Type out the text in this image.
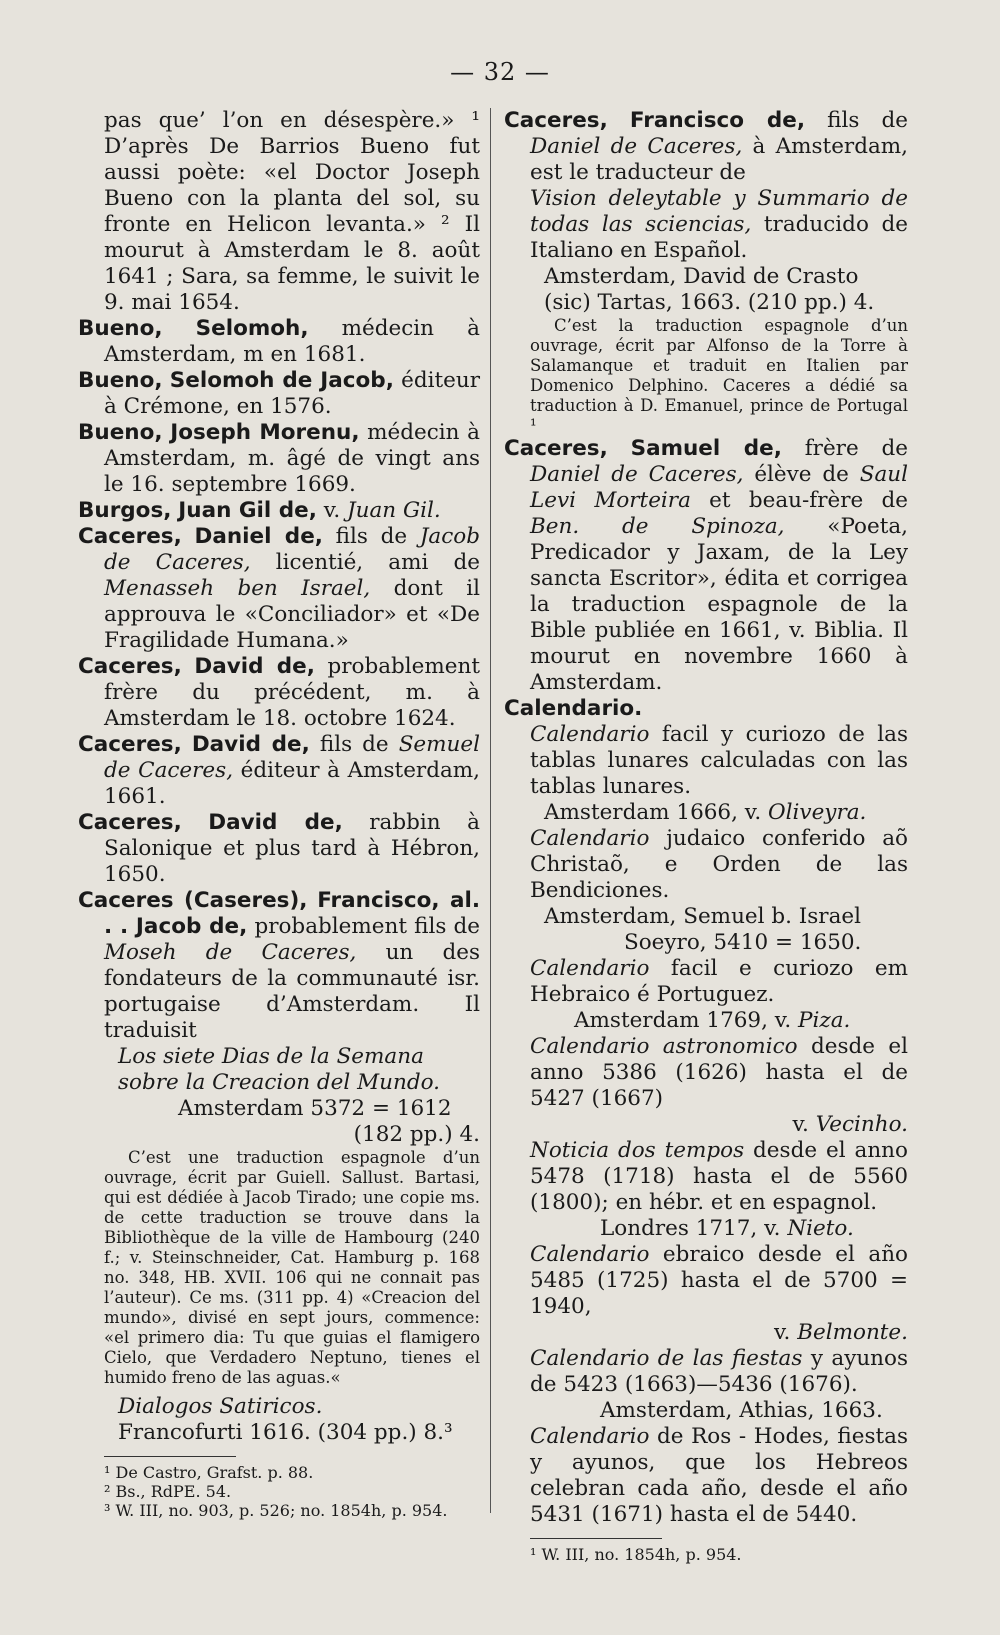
— 32 —

pas que’ l’on en désespère.» ¹ D’après De Barrios Bueno fut aussi poète: «el Doctor Joseph Bueno con la planta del sol, su fronte en Helicon levanta.» ² Il mourut à Amsterdam le 8. août 1641 ; Sara, sa femme, le suivit le 9. mai 1654.

Bueno, Selomoh, médecin à Amsterdam, m en 1681.

Bueno, Selomoh de Jacob, éditeur à Crémone, en 1576.

Bueno, Joseph Morenu, médecin à Amsterdam, m. âgé de vingt ans le 16. septembre 1669.

Burgos, Juan Gil de, v. Juan Gil.

Caceres, Daniel de, fils de Jacob de Caceres, licentié, ami de Menasseh ben Israel, dont il approuva le «Conciliador» et «De Fragilidade Humana.»

Caceres, David de, probablement frère du précédent, m. à Amsterdam le 18. octobre 1624.

Caceres, David de, fils de Semuel de Caceres, éditeur à Amsterdam, 1661.

Caceres, David de, rabbin à Salonique et plus tard à Hébron, 1650.

Caceres (Caseres), Francisco, al. . . Jacob de, probablement fils de Moseh de Caceres, un des fondateurs de la communauté isr. portugaise d’Amsterdam. Il traduisit

Los siete Dias de la Semana sobre la Creacion del Mundo.
Amsterdam 5372 = 1612
(182 pp.) 4.
C’est une traduction espagnole d’un ouvrage, écrit par Guiell. Sallust. Bartasi, qui est dédiée à Jacob Tirado; une copie ms. de cette traduction se trouve dans la Bibliothèque de la ville de Hambourg (240 f.; v. Steinschneider, Cat. Hamburg p. 168 no. 348, HB. XVII. 106 qui ne connait pas l’auteur). Ce ms. (311 pp. 4) «Creacion del mundo», divisé en sept jours, commence: «el primero dia: Tu que guias el flamigero Cielo, que Verdadero Neptuno, tienes el humido freno de las aguas.«
Dialogos Satiricos.
Francofurti 1616. (304 pp.) 8.³
¹ De Castro, Grafst. p. 88.
² Bs., RdPE. 54.
³ W. III, no. 903, p. 526; no. 1854h, p. 954.

Caceres, Francisco de, fils de Daniel de Caceres, à Amsterdam, est le traducteur de

Vision deleytable y Summario de todas las sciencias, traducido de Italiano en Español.

Amsterdam, David de Crasto (sic) Tartas, 1663. (210 pp.) 4.
C’est la traduction espagnole d’un ouvrage, écrit par Alfonso de la Torre à Salamanque et traduit en Italien par Domenico Delphino. Caceres a dédié sa traduction à D. Emanuel, prince de Portugal ¹

Caceres, Samuel de, frère de Daniel de Caceres, élève de Saul Levi Morteira et beau-frère de Ben. de Spinoza, «Poeta, Predicador y Jaxam, de la Ley sancta Escritor», édita et corrigea la traduction espagnole de la Bible publiée en 1661, v. Biblia. Il mourut en novembre 1660 à Amsterdam.

Calendario.

Calendario facil y curiozo de las tablas lunares calculadas con las tablas lunares.

Amsterdam 1666, v. Oliveyra.

Calendario judaico conferido aõ Christaõ, e Orden de las Bendiciones.

Amsterdam, Semuel b. Israel
Soeyro, 5410 = 1650.

Calendario facil e curiozo em Hebraico é Portuguez.

Amsterdam 1769, v. Piza.

Calendario astronomico desde el anno 5386 (1626) hasta el de 5427 (1667)

v. Vecinho.

Noticia dos tempos desde el anno 5478 (1718) hasta el de 5560 (1800); en hébr. et en espagnol.

Londres 1717, v. Nieto.

Calendario ebraico desde el año 5485 (1725) hasta el de 5700 = 1940,

v. Belmonte.

Calendario de las fiestas y ayunos de 5423 (1663)—5436 (1676).

Amsterdam, Athias, 1663.

Calendario de Ros - Hodes, fiestas y ayunos, que los Hebreos celebran cada año, desde el año 5431 (1671) hasta el de 5440.

¹ W. III, no. 1854h, p. 954.
